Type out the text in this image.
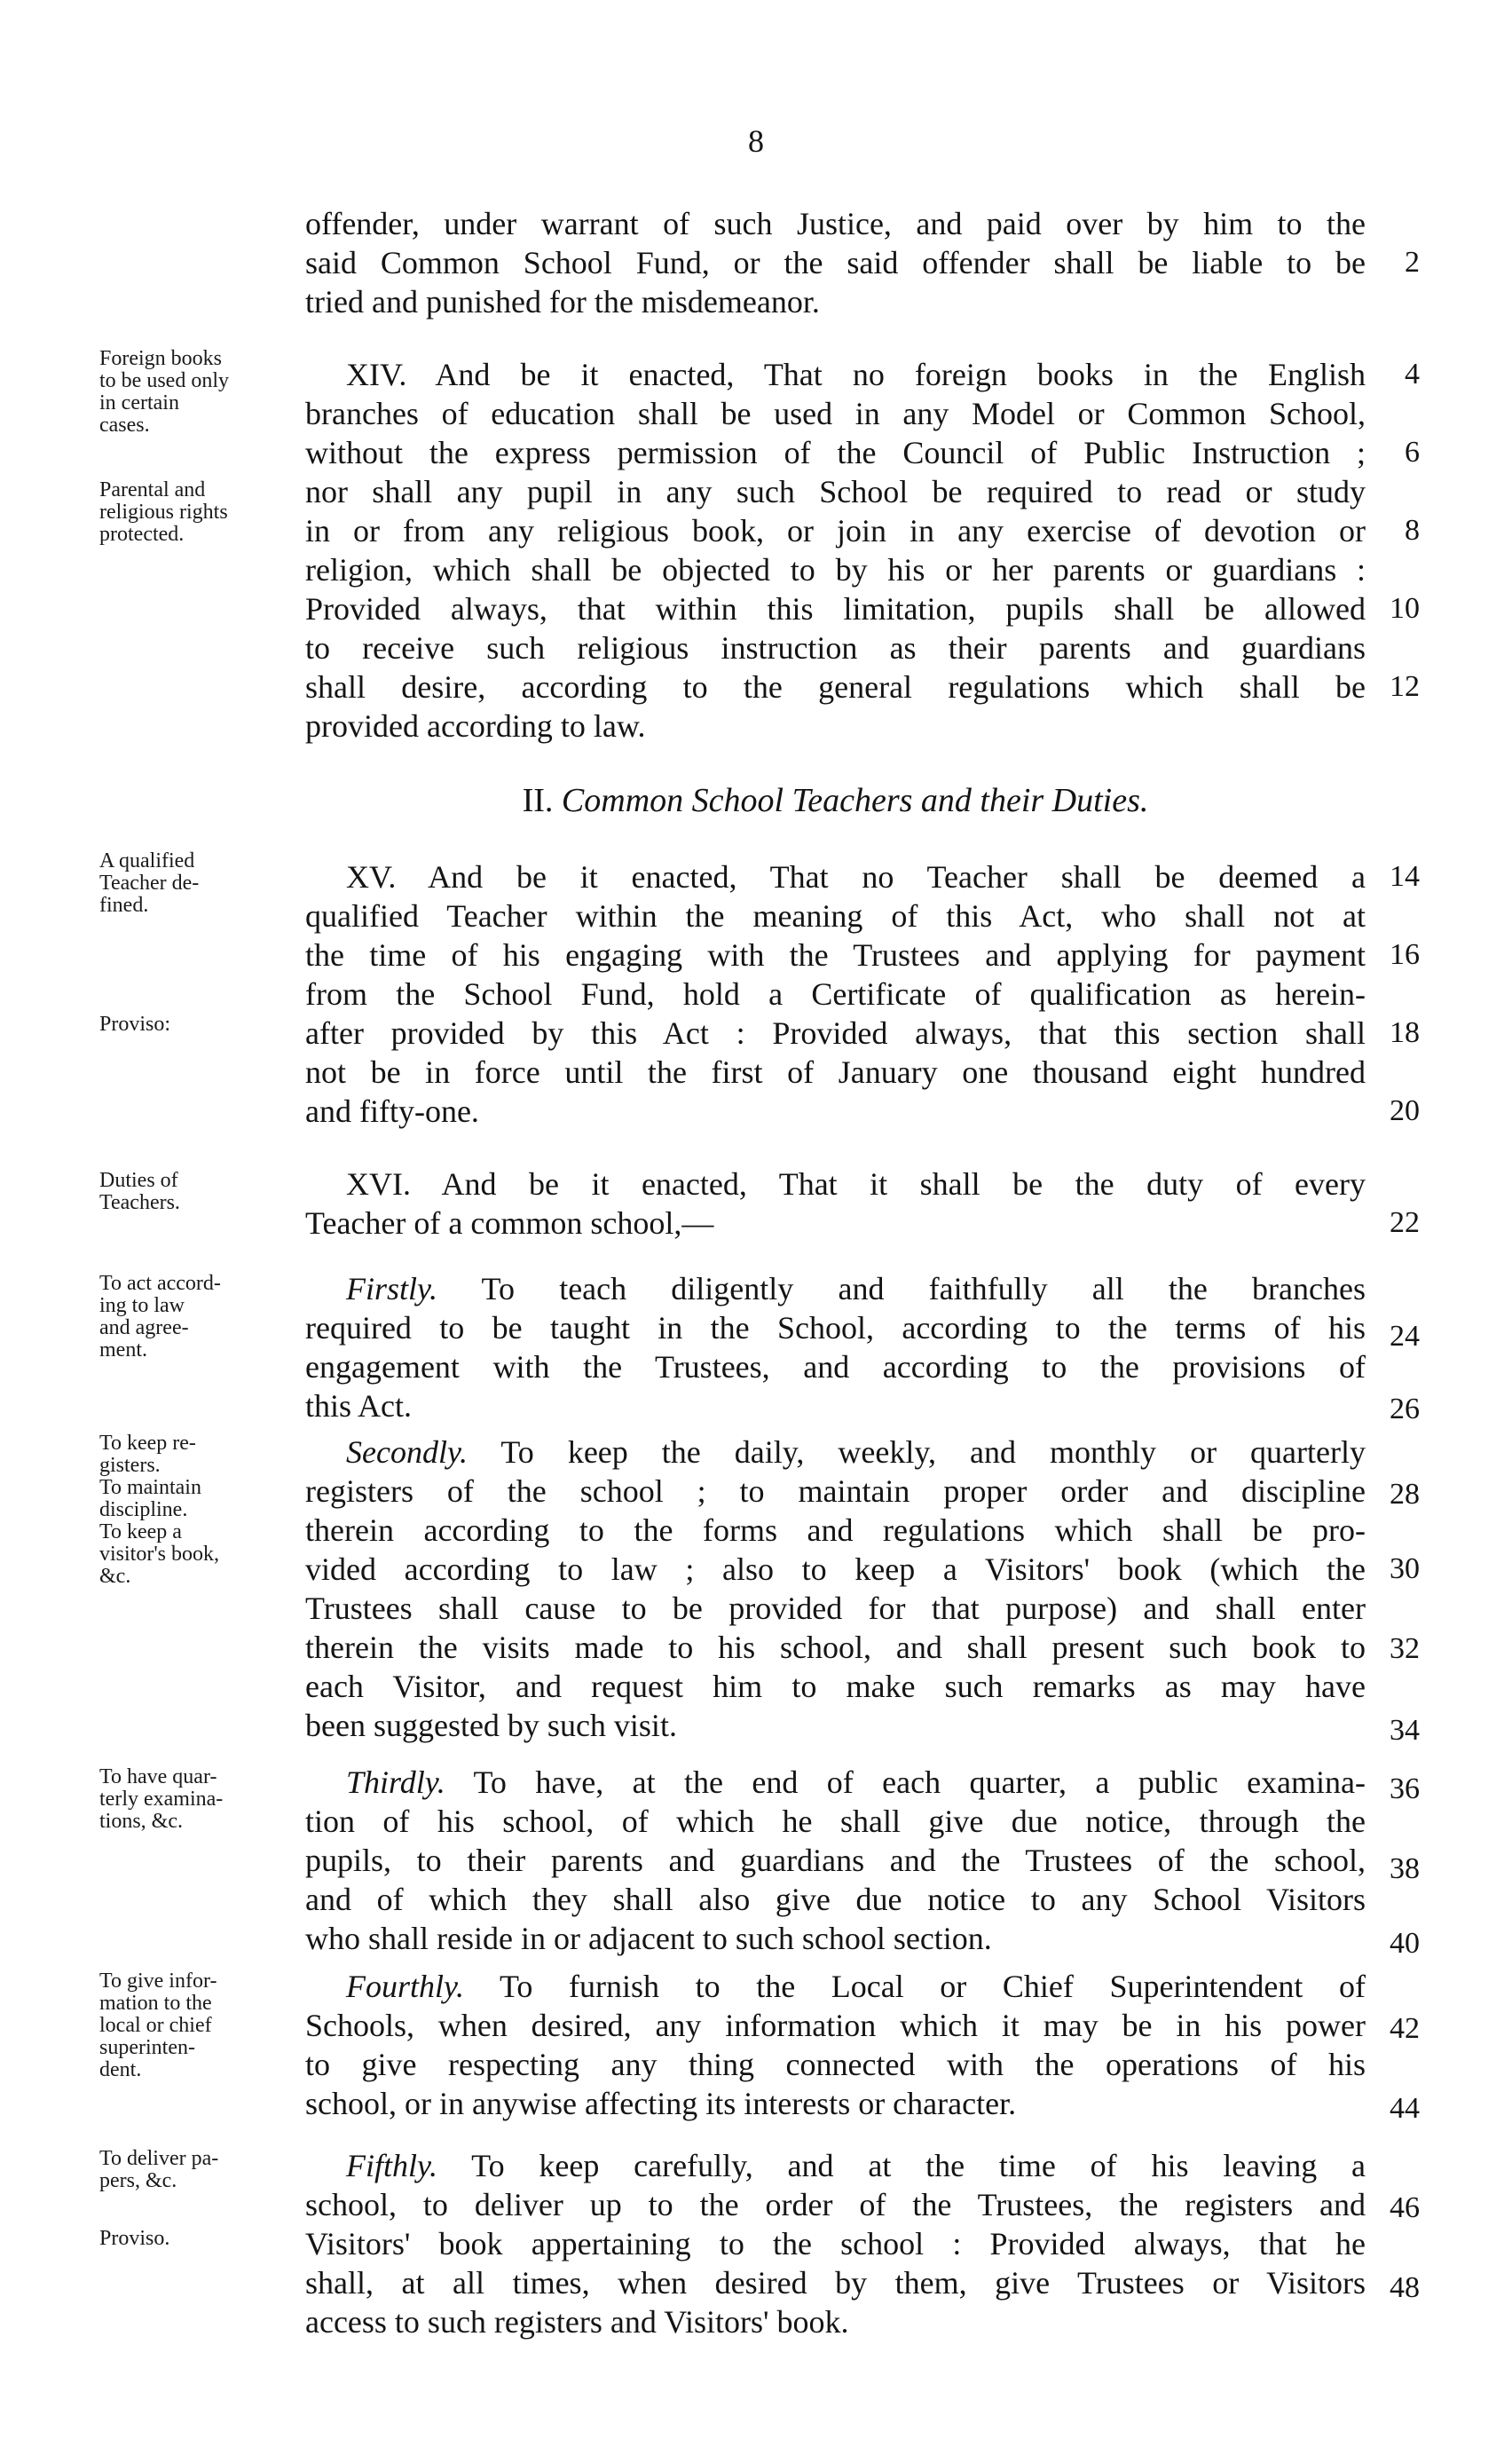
8
offender, under warrant of such Justice, and paid over by him to the
said Common School Fund, or the said offender shall be liable to be
tried and punished for the misdemeanor.
XIV. And be it enacted, That no foreign books in the English
branches of education shall be used in any Model or Common School,
without the express permission of the Council of Public Instruction ;
nor shall any pupil in any such School be required to read or study
in or from any religious book, or join in any exercise of devotion or
religion, which shall be objected to by his or her parents or guardians :
Provided always, that within this limitation, pupils shall be allowed
to receive such religious instruction as their parents and guardians
shall desire, according to the general regulations which shall be
provided according to law.
II. Common School Teachers and their Duties.
XV. And be it enacted, That no Teacher shall be deemed a
qualified Teacher within the meaning of this Act, who shall not at
the time of his engaging with the Trustees and applying for payment
from the School Fund, hold a Certificate of qualification as herein-
after provided by this Act : Provided always, that this section shall
not be in force until the first of January one thousand eight hundred
and fifty-one.
XVI. And be it enacted, That it shall be the duty of every
Teacher of a common school,—
Firstly. To teach diligently and faithfully all the branches
required to be taught in the School, according to the terms of his
engagement with the Trustees, and according to the provisions of
this Act.
Secondly. To keep the daily, weekly, and monthly or quarterly
registers of the school ; to maintain proper order and discipline
therein according to the forms and regulations which shall be pro-
vided according to law ; also to keep a Visitors' book (which the
Trustees shall cause to be provided for that purpose) and shall enter
therein the visits made to his school, and shall present such book to
each Visitor, and request him to make such remarks as may have
been suggested by such visit.
Thirdly. To have, at the end of each quarter, a public examina-
tion of his school, of which he shall give due notice, through the
pupils, to their parents and guardians and the Trustees of the school,
and of which they shall also give due notice to any School Visitors
who shall reside in or adjacent to such school section.
Fourthly. To furnish to the Local or Chief Superintendent of
Schools, when desired, any information which it may be in his power
to give respecting any thing connected with the operations of his
school, or in anywise affecting its interests or character.
Fifthly. To keep carefully, and at the time of his leaving a
school, to deliver up to the order of the Trustees, the registers and
Visitors' book appertaining to the school : Provided always, that he
shall, at all times, when desired by them, give Trustees or Visitors
access to such registers and Visitors' book.
2
4
6
8
10
12
14
16
18
20
22
24
26
28
30
32
34
36
38
40
42
44
46
48
Foreign books
to be used only
in certain
cases.
Parental and
religious rights
protected.
A qualified
Teacher de-
fined.
Proviso:
Duties of
Teachers.
To act accord-
ing to law
and agree-
ment.
To keep re-
gisters.
To maintain
discipline.
To keep a
visitor's book,
&c.
To have quar-
terly examina-
tions, &c.
To give infor-
mation to the
local or chief
superinten-
dent.
To deliver pa-
pers, &c.
Proviso.
